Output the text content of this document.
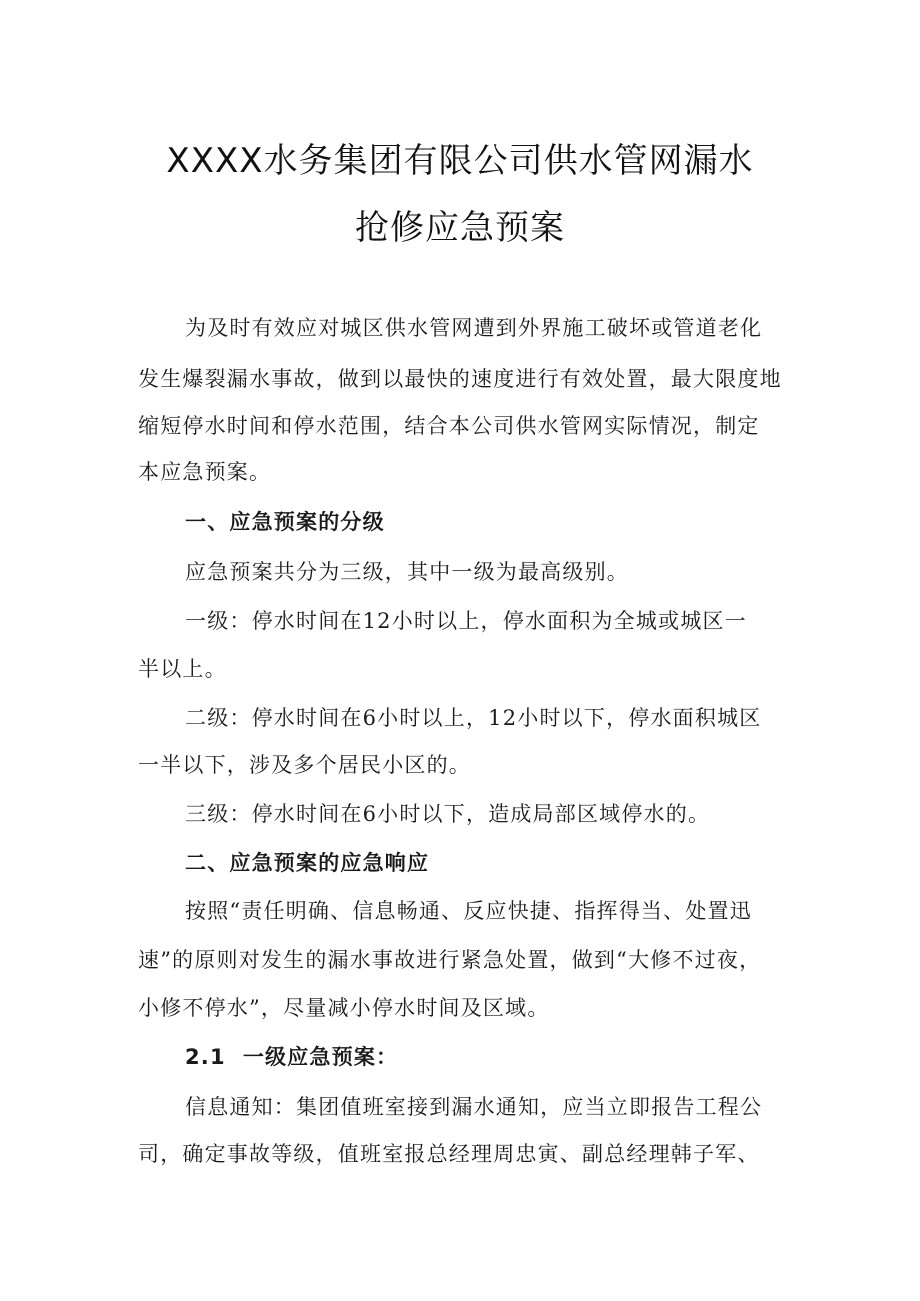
XXXX水务集团有限公司供水管网漏水
抢修应急预案

为及时有效应对城区供水管网遭到外界施工破坏或管道老化

发生爆裂漏水事故，做到以最快的速度进行有效处置，最大限度地

缩短停水时间和停水范围，结合本公司供水管网实际情况，制定

本应急预案。

一、应急预案的分级

应急预案共分为三级，其中一级为最高级别。

一级：停水时间在12小时以上，停水面积为全城或城区一

半以上。

二级：停水时间在6小时以上，12小时以下，停水面积城区

一半以下，涉及多个居民小区的。

三级：停水时间在6小时以下，造成局部区域停水的。

二、应急预案的应急响应

按照“责任明确、信息畅通、反应快捷、指挥得当、处置迅

速”的原则对发生的漏水事故进行紧急处置，做到“大修不过夜，

小修不停水”，尽量减小停水时间及区域。

2.1  一级应急预案：

信息通知：集团值班室接到漏水通知，应当立即报告工程公

司，确定事故等级，值班室报总经理周忠寅、副总经理韩子军、
